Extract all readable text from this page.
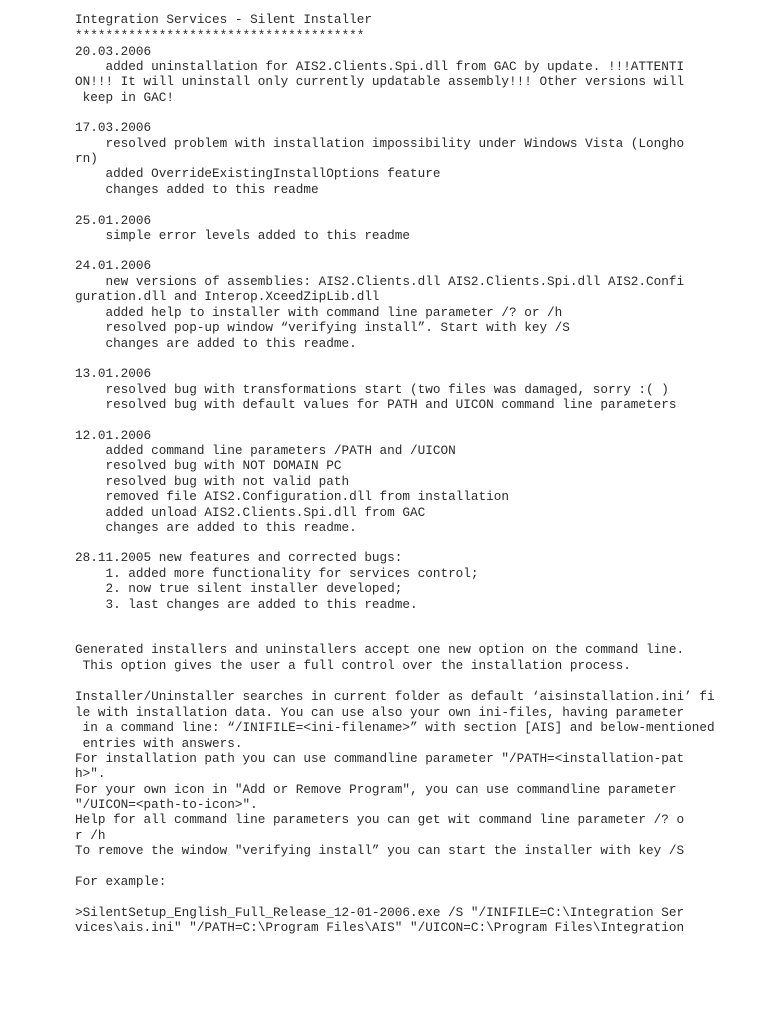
Integration Services - Silent Installer

**************************************

20.03.2006

added uninstallation for AIS2.Clients.Spi.dll from GAC by update. !!!ATTENTI

ON!!! It will uninstall only currently updatable assembly!!! Other versions will

keep in GAC!

17.03.2006

resolved problem with installation impossibility under Windows Vista (Longho

rn)

added OverrideExistingInstallOptions feature

changes added to this readme

25.01.2006

simple error levels added to this readme

24.01.2006

new versions of assemblies: AIS2.Clients.dll AIS2.Clients.Spi.dll AIS2.Confi

guration.dll and Interop.XceedZipLib.dll

added help to installer with command line parameter /? or /h

resolved pop-up window “verifying install”. Start with key /S

changes are added to this readme.

13.01.2006

resolved bug with transformations start (two files was damaged, sorry :( )

resolved bug with default values for PATH and UICON command line parameters

12.01.2006

added command line parameters /PATH and /UICON

resolved bug with NOT DOMAIN PC

resolved bug with not valid path

removed file AIS2.Configuration.dll from installation

added unload AIS2.Clients.Spi.dll from GAC

changes are added to this readme.

28.11.2005 new features and corrected bugs:

1. added more functionality for services control;

2. now true silent installer developed;

3. last changes are added to this readme.

Generated installers and uninstallers accept one new option on the command line.

This option gives the user a full control over the installation process.

Installer/Uninstaller searches in current folder as default ‘aisinstallation.ini’ fi

le with installation data. You can use also your own ini-files, having parameter

in a command line: “/INIFILE=<ini-filename>” with section [AIS] and below-mentioned

entries with answers.

For installation path you can use commandline parameter "/PATH=<installation-pat

h>".

For your own icon in "Add or Remove Program", you can use commandline parameter

"/UICON=<path-to-icon>".

Help for all command line parameters you can get wit command line parameter /? o

r /h

To remove the window "verifying install” you can start the installer with key /S

For example:

>SilentSetup_English_Full_Release_12-01-2006.exe /S "/INIFILE=C:\Integration Ser

vices\ais.ini" "/PATH=C:\Program Files\AIS" "/UICON=C:\Program Files\Integration
